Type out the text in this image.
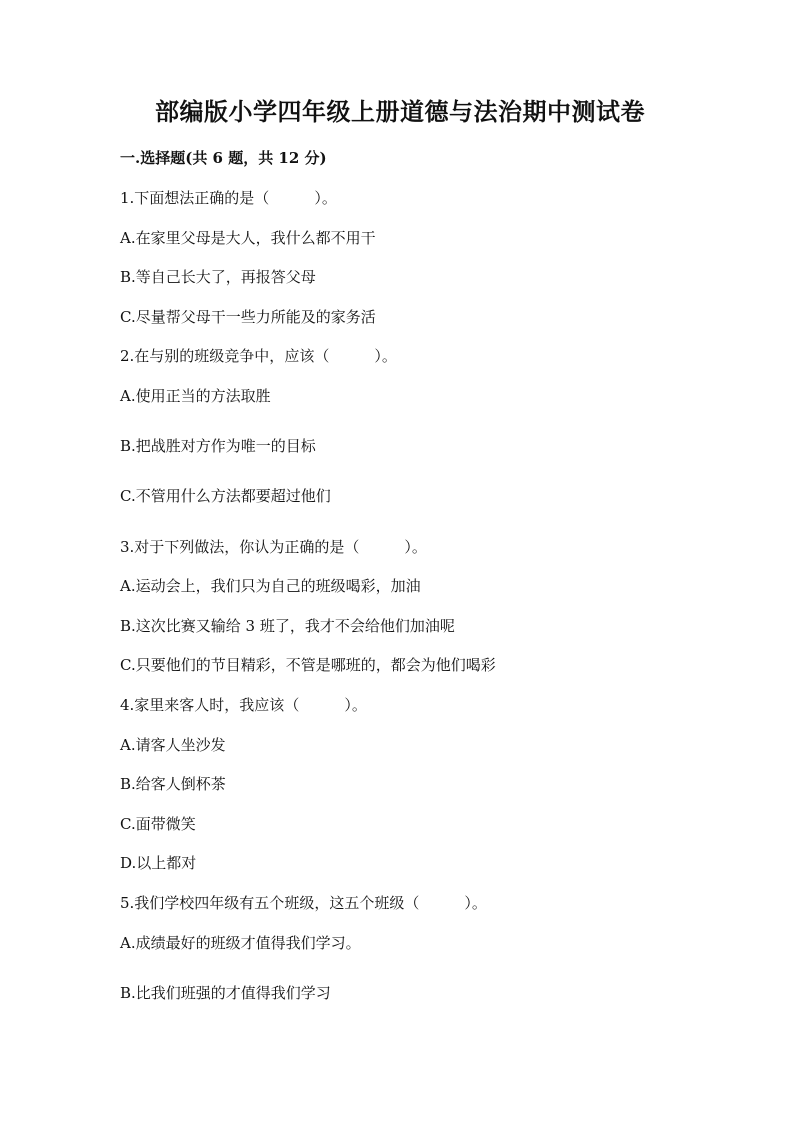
部编版小学四年级上册道德与法治期中测试卷
一.选择题(共 6 题，共 12 分)
1.下面想法正确的是（　　　）。
A.在家里父母是大人，我什么都不用干
B.等自己长大了，再报答父母
C.尽量帮父母干一些力所能及的家务活
2.在与别的班级竞争中，应该（　　　）。
A.使用正当的方法取胜
B.把战胜对方作为唯一的目标
C.不管用什么方法都要超过他们
3.对于下列做法，你认为正确的是（　　　）。
A.运动会上，我们只为自己的班级喝彩，加油
B.这次比赛又输给 3 班了，我才不会给他们加油呢
C.只要他们的节目精彩，不管是哪班的，都会为他们喝彩
4.家里来客人时，我应该（　　　）。
A.请客人坐沙发
B.给客人倒杯茶
C.面带微笑
D.以上都对
5.我们学校四年级有五个班级，这五个班级（　　　）。
A.成绩最好的班级才值得我们学习。
B.比我们班强的才值得我们学习
